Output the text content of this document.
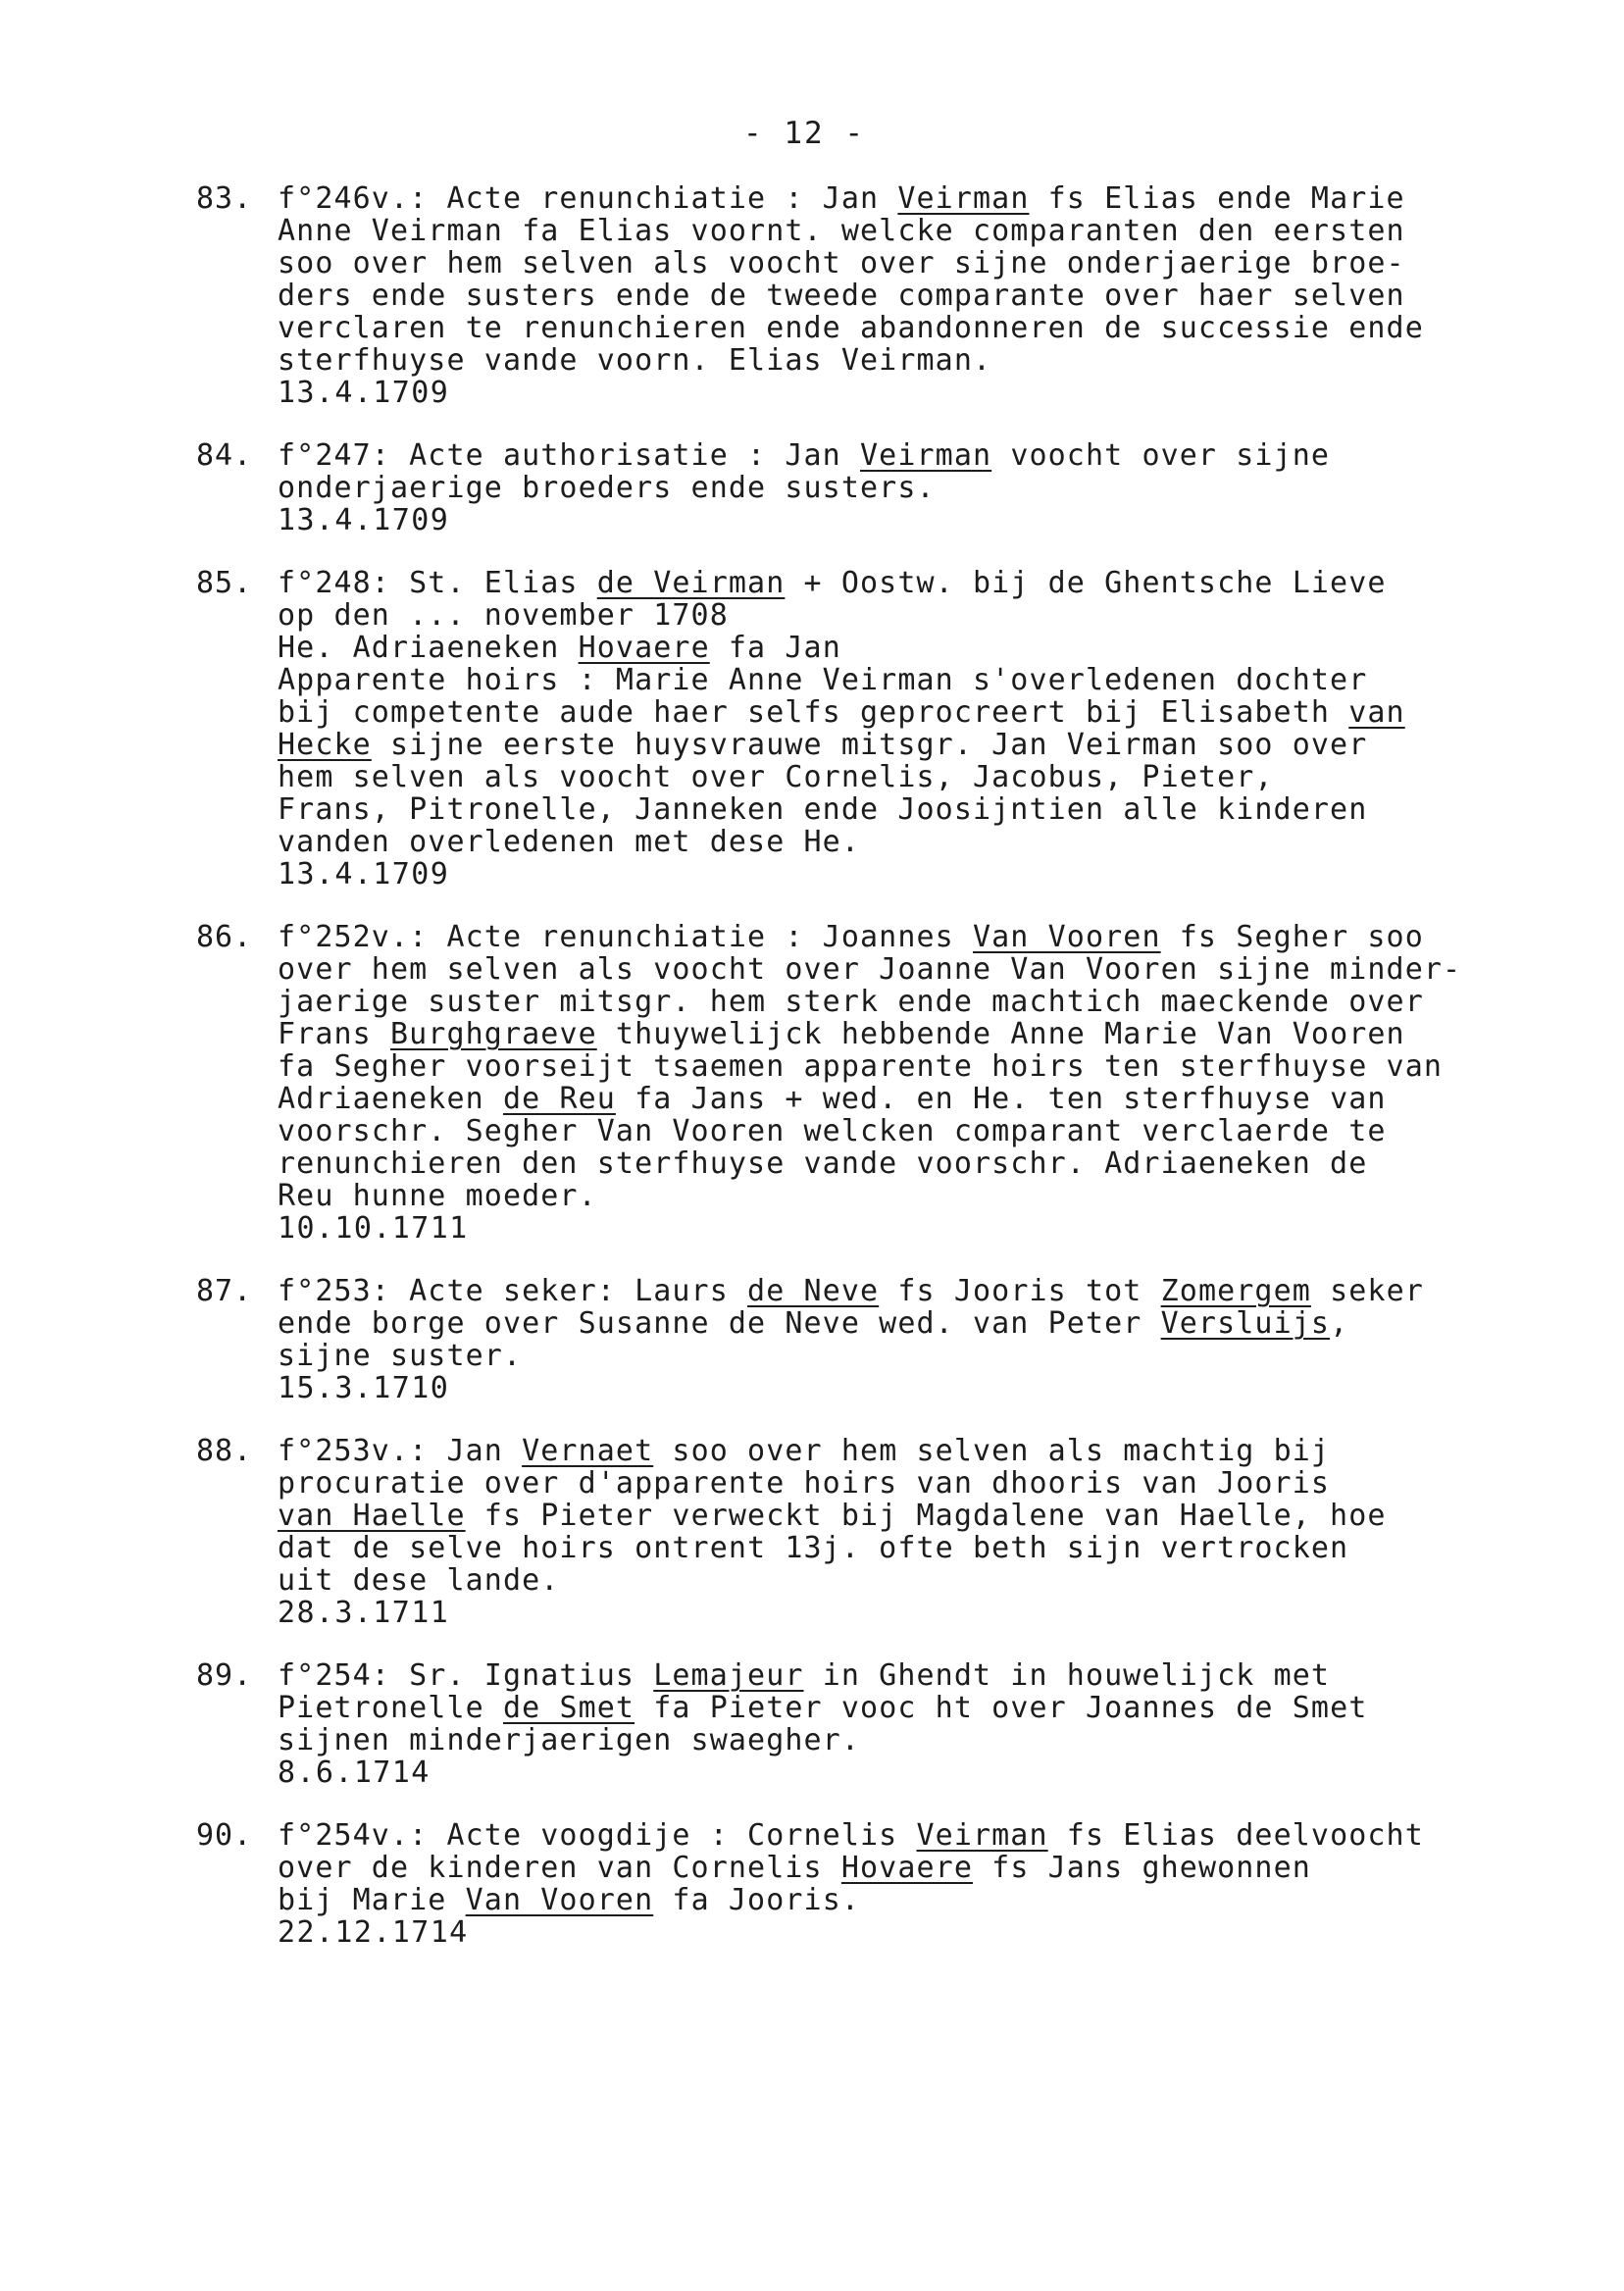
- 12 -
83. f°246v.: Acte renunchiatie : Jan Veirman fs Elias ende Marie
Anne Veirman fa Elias voornt. welcke comparanten den eersten
soo over hem selven als voocht over sijne onderjaerige broe-
ders ende susters ende de tweede comparante over haer selven
verclaren te renunchieren ende abandonneren de successie ende
sterfhuyse vande voorn. Elias Veirman.
13.4.1709
84. f°247: Acte authorisatie : Jan Veirman voocht over sijne
onderjaerige broeders ende susters.
13.4.1709
85. f°248: St. Elias de Veirman + Oostw. bij de Ghentsche Lieve
op den ... november 1708
He. Adriaeneken Hovaere fa Jan
Apparente hoirs : Marie Anne Veirman s'overledenen dochter
bij competente aude haer selfs geprocreert bij Elisabeth van
Hecke sijne eerste huysvrauwe mitsgr. Jan Veirman soo over
hem selven als voocht over Cornelis, Jacobus, Pieter,
Frans, Pitronelle, Janneken ende Joosijntien alle kinderen
vanden overledenen met dese He.
13.4.1709
86. f°252v.: Acte renunchiatie : Joannes Van Vooren fs Segher soo
over hem selven als voocht over Joanne Van Vooren sijne minder-
jaerige suster mitsgr. hem sterk ende machtich maeckende over
Frans Burghgraeve thuywelijck hebbende Anne Marie Van Vooren
fa Segher voorseijt tsaemen apparente hoirs ten sterfhuyse van
Adriaeneken de Reu fa Jans + wed. en He. ten sterfhuyse van
voorschr. Segher Van Vooren welcken comparant verclaerde te
renunchieren den sterfhuyse vande voorschr. Adriaeneken de
Reu hunne moeder.
10.10.1711
87. f°253: Acte seker: Laurs de Neve fs Jooris tot Zomergem seker
ende borge over Susanne de Neve wed. van Peter Versluijs,
sijne suster.
15.3.1710
88. f°253v.: Jan Vernaet soo over hem selven als machtig bij
procuratie over d'apparente hoirs van dhooris van Jooris
van Haelle fs Pieter verweckt bij Magdalene van Haelle, hoe
dat de selve hoirs ontrent 13j. ofte beth sijn vertrocken
uit dese lande.
28.3.1711
89. f°254: Sr. Ignatius Lemajeur in Ghendt in houwelijck met
Pietronelle de Smet fa Pieter vooc ht over Joannes de Smet
sijnen minderjaerigen swaegher.
8.6.1714
90. f°254v.: Acte voogdije : Cornelis Veirman fs Elias deelvoocht
over de kinderen van Cornelis Hovaere fs Jans ghewonnen
bij Marie Van Vooren fa Jooris.
22.12.1714
